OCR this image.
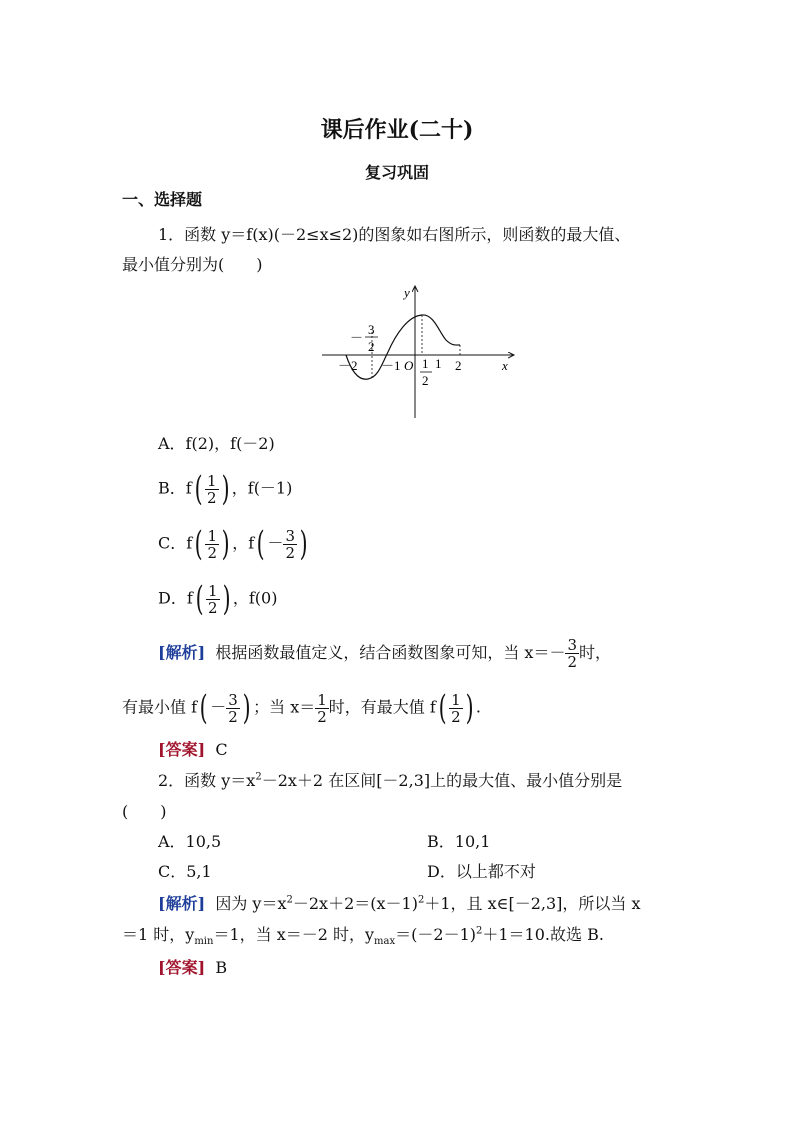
课后作业(二十)
复习巩固
一、选择题
1．函数 y＝f(x)(－2≤x≤2)的图象如右图所示，则函数的最大值、
最小值分别为(　　)
y
x
O
－
3
2
－2 －1 1
2
1 2
A．f(2)，f(－2)
B．$f( \frac{1}{2}$ ) ，f(－1)
C．$f( \frac{1}{2}$ ) ，$f( - \frac{3}{2}$ )
D．$f( \frac{1}{2}$ ) ，f(0)
[解析] 根据函数最值定义，结合函数图象可知，当 $x=- \frac{3}{2}$ 时，
有最小值 $f( - \frac{3}{2}$ ) ；当 $x= \frac{1}{2}$ 时，有最大值 $f( \frac{1}{2}$ ) .
[答案] C
2．函数 $y=x^2-2x+2$ 在区间[－2,3]上的最大值、最小值分别是
(　　)
A．10,5	B．10,1
C．5,1	D．以上都不对
[解析] 因为 $y=x^2-2x+2=(x-1)^2+1$，且 x∈[－2,3]，所以当 x
＝1 时，$y_{min}=1$，当 x＝－2 时，$y_{max}=(-2-1)^2+1=10$.故选 B.
[答案] B
